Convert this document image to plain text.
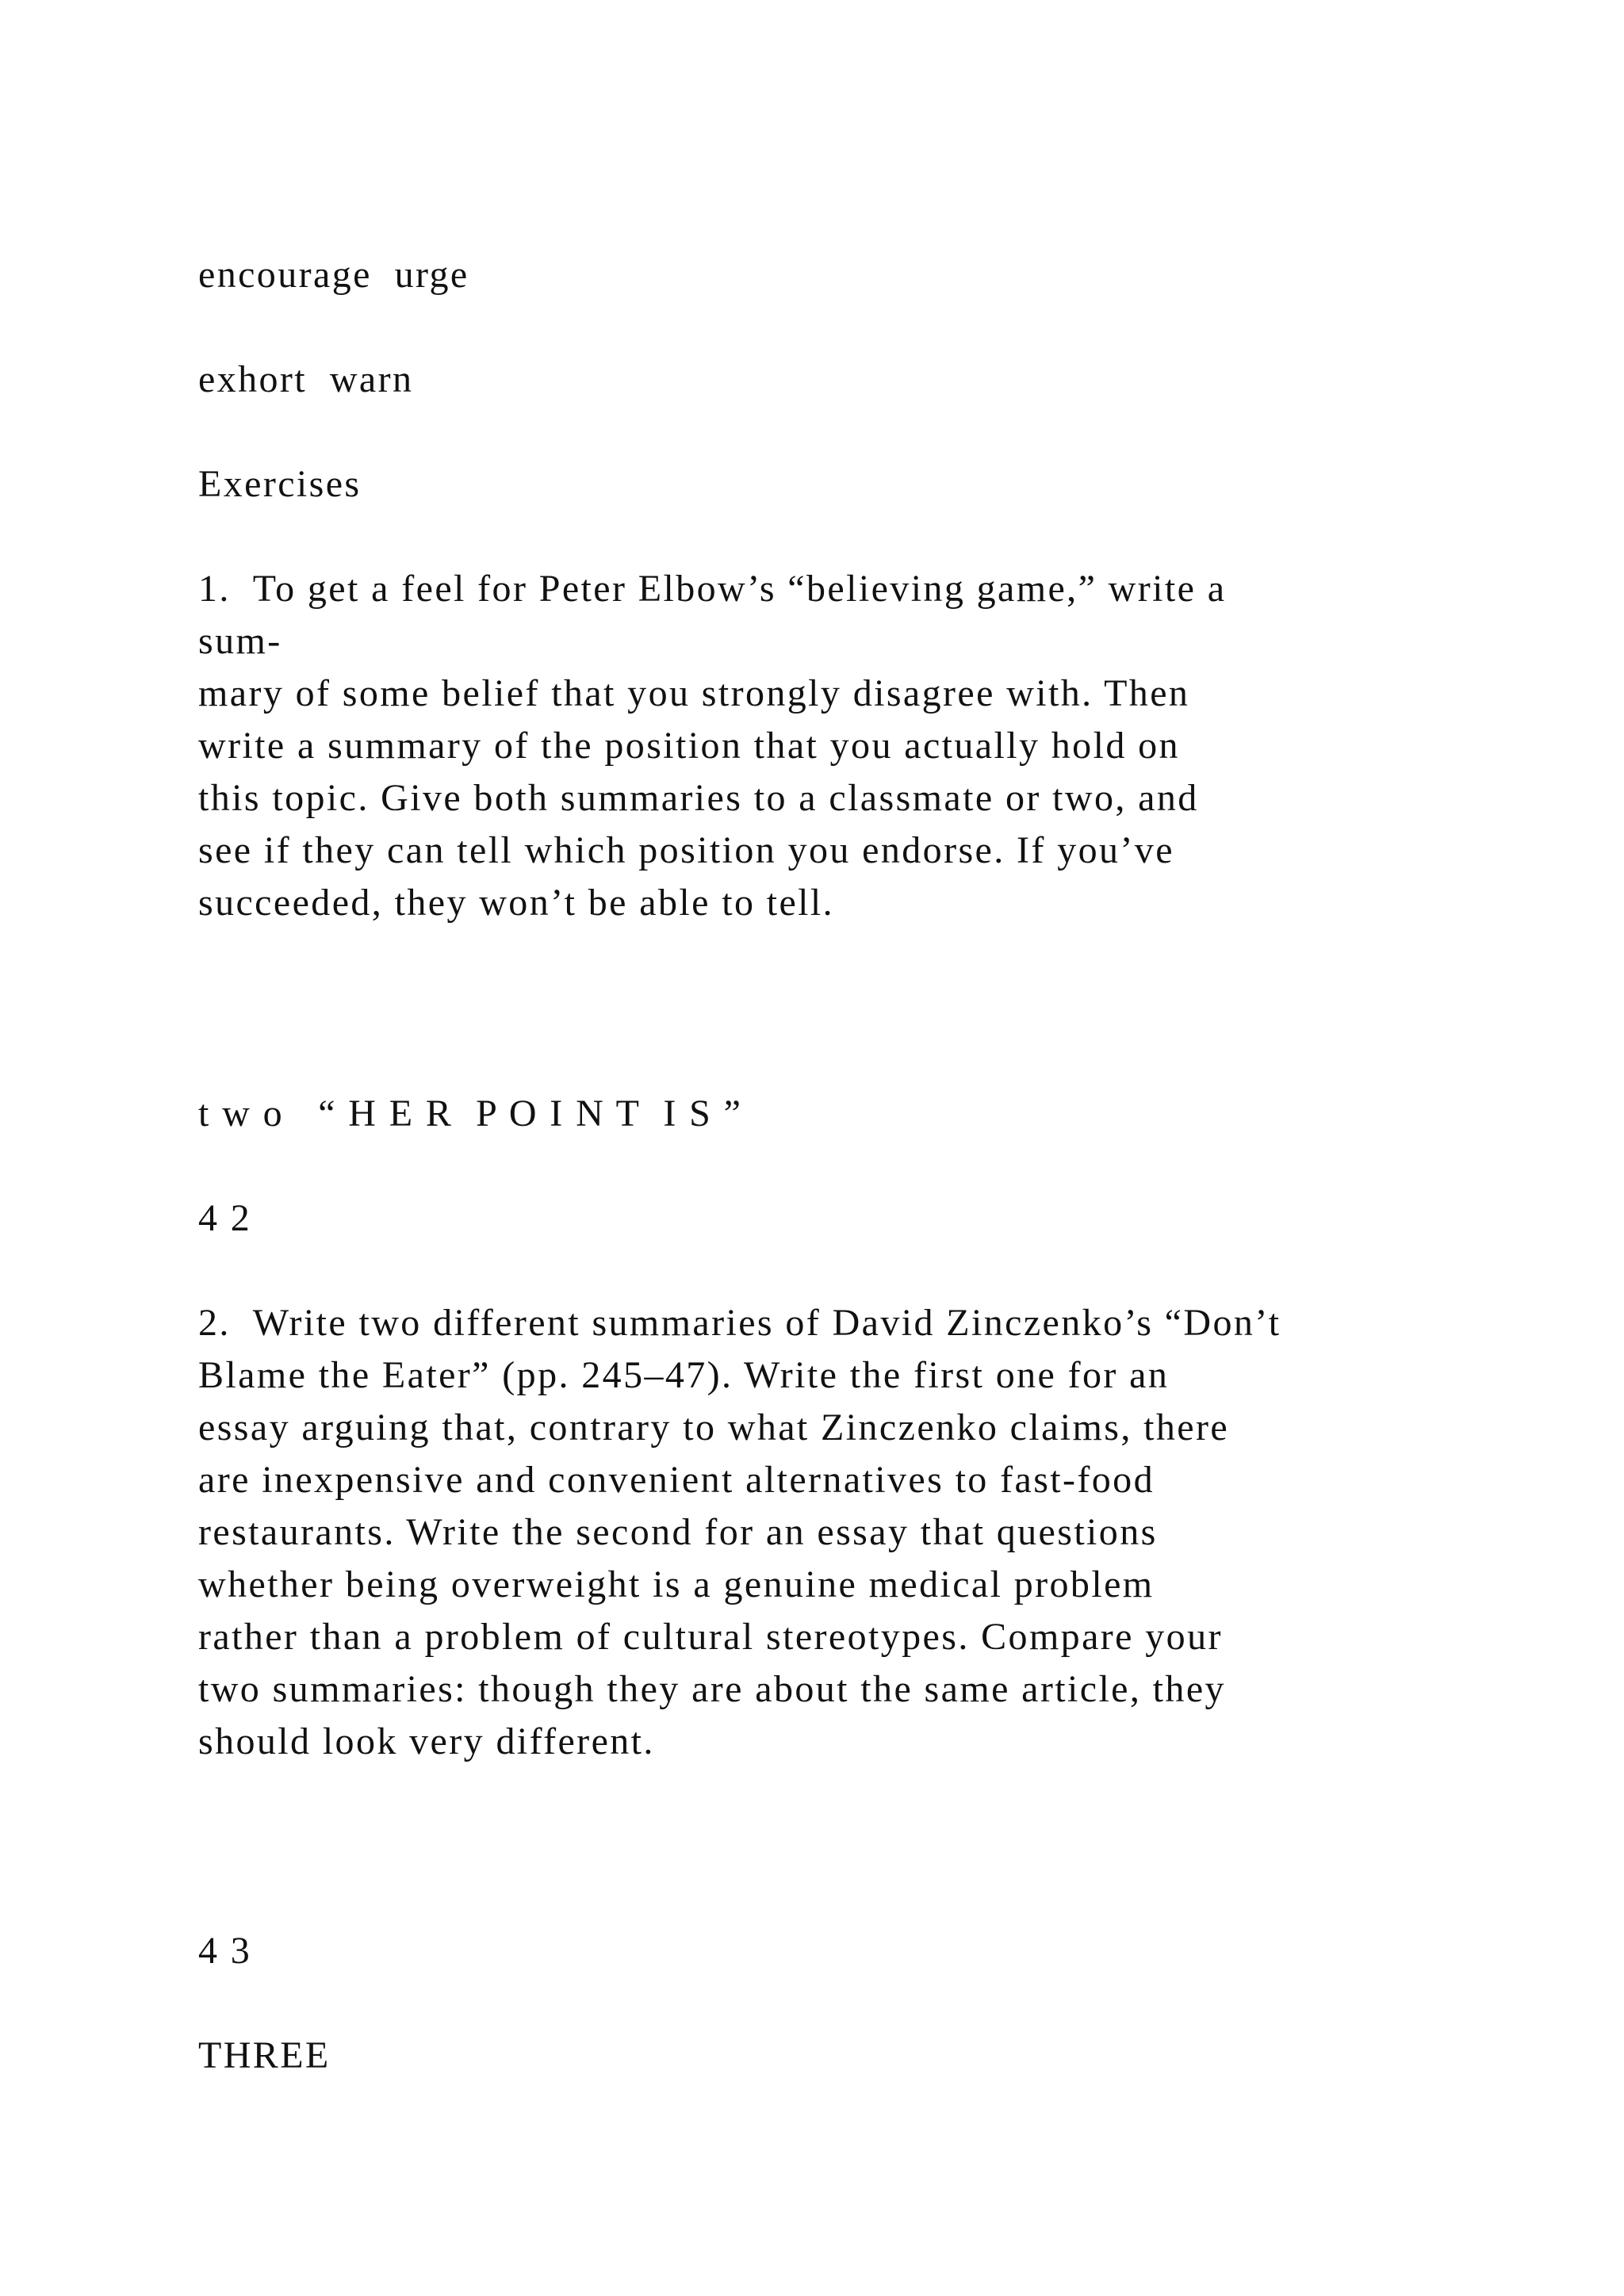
encourage  urge

exhort  warn

Exercises

1.  To get a feel for Peter Elbow’s “believing game,” write a
sum-
mary of some belief that you strongly disagree with. Then
write a summary of the position that you actually hold on
this topic. Give both summaries to a classmate or two, and
see if they can tell which position you endorse. If you’ve
succeeded, they won’t be able to tell.

t w o   “ H E R  P O I N T  I S ”

4 2

2.  Write two different summaries of David Zinczenko’s “Don’t
Blame the Eater” (pp. 245–47). Write the first one for an
essay arguing that, contrary to what Zinczenko claims, there
are inexpensive and convenient alternatives to fast-food
restaurants. Write the second for an essay that questions
whether being overweight is a genuine medical problem
rather than a problem of cultural stereotypes. Compare your
two summaries: though they are about the same article, they
should look very different.

4 3

THREE
